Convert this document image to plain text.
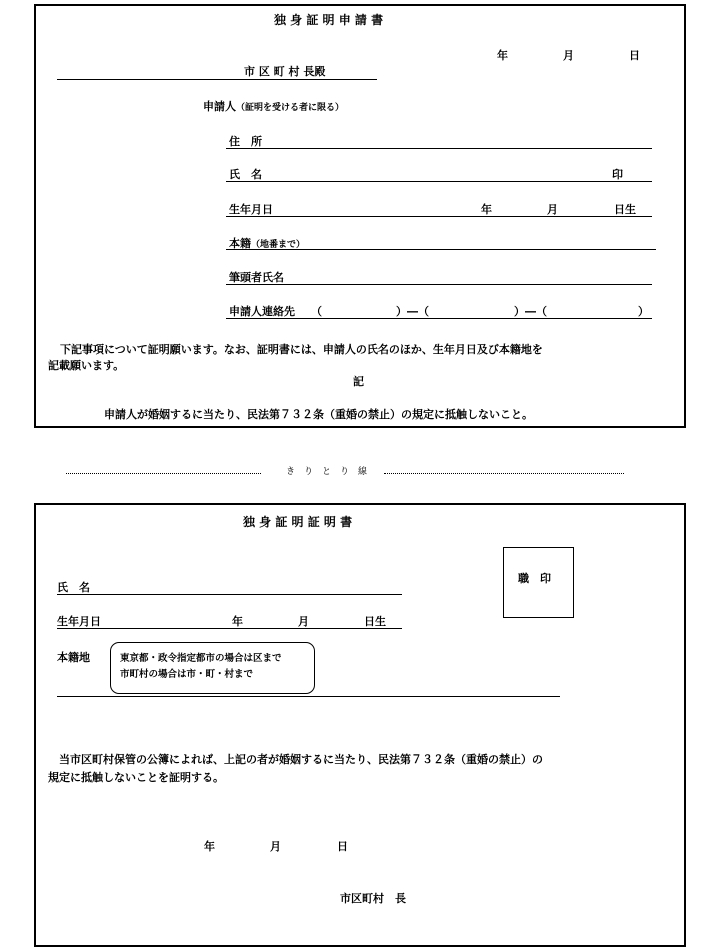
独 身 証 明 申 請 書
年	月	日
市 区 町 村 長殿
申請人（証明を受ける者に限る）
住　所
氏　名	印
生年月日	年	月	日生
本籍（地番まで）
筆頭者氏名
申請人連絡先 （	）―（	）―（	）
下記事項について証明願います。なお、証明書には、申請人の氏名のほか、生年月日及び本籍地を
記載願います。
記
申請人が婚姻するに当たり、民法第７３２条（重婚の禁止）の規定に抵触しないこと。
き　り　と　り　線
独 身 証 明 証 明 書
職　印
氏　名
生年月日	年	月	日生
本籍地	東京都・政令指定都市の場合は区まで
市町村の場合は市・町・村まで
当市区町村保管の公簿によれば、上記の者が婚姻するに当たり、民法第７３２条（重婚の禁止）の
規定に抵触しないことを証明する。
年	月	日
市区町村　長
